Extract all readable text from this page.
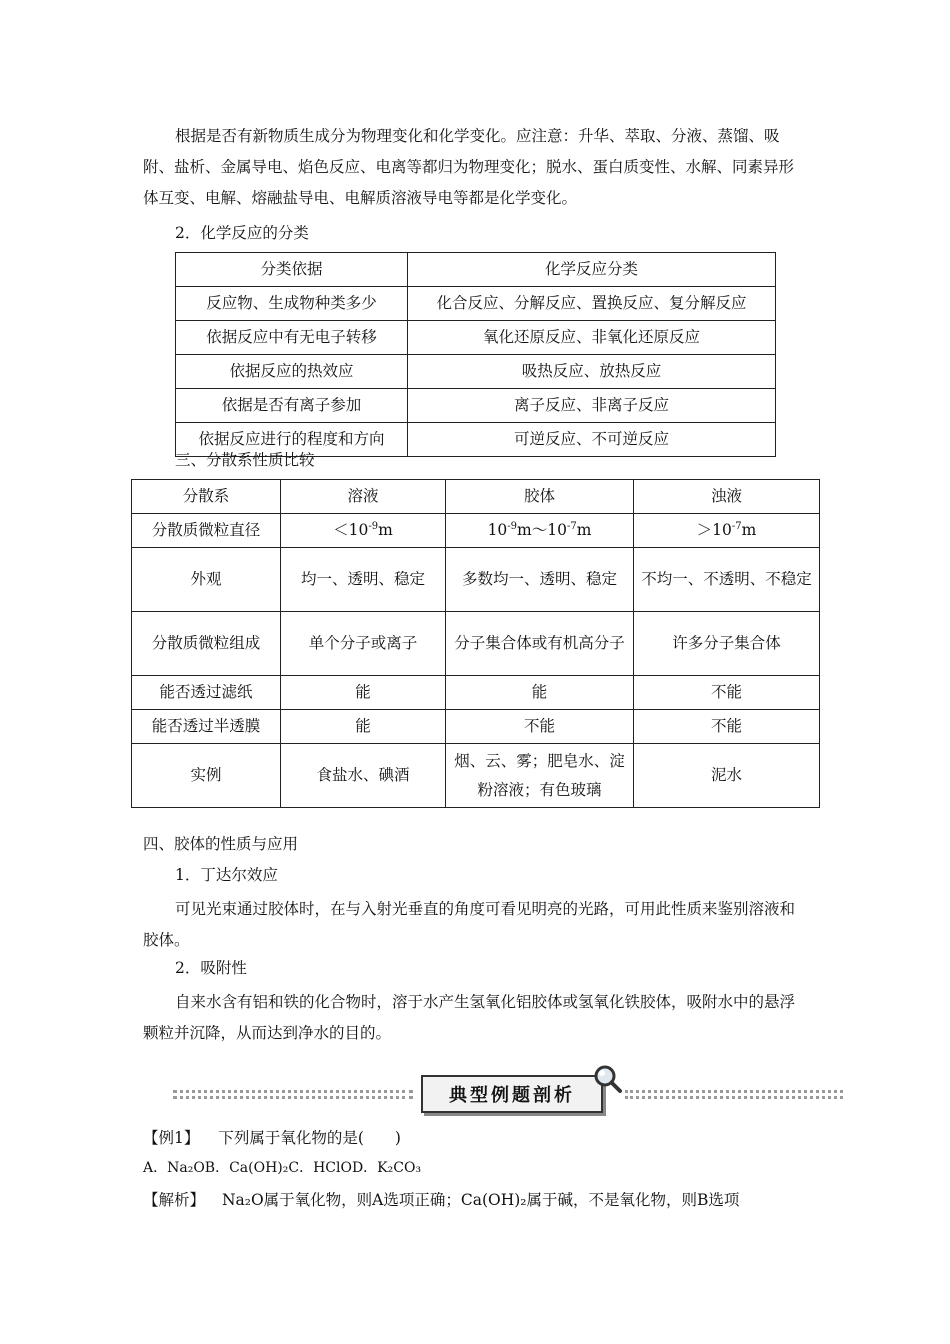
根据是否有新物质生成分为物理变化和化学变化。应注意：升华、萃取、分液、蒸馏、吸附、盐析、金属导电、焰色反应、电离等都归为物理变化；脱水、蛋白质变性、水解、同素异形体互变、电解、熔融盐导电、电解质溶液导电等都是化学变化。
2．化学反应的分类
分类依据	化学反应分类
反应物、生成物种类多少	化合反应、分解反应、置换反应、复分解反应
依据反应中有无电子转移	氧化还原反应、非氧化还原反应
依据反应的热效应	吸热反应、放热反应
依据是否有离子参加	离子反应、非离子反应
依据反应进行的程度和方向	可逆反应、不可逆反应
三、分散系性质比较
分散系	溶液	胶体	浊液
分散质微粒直径	$<10^{-9}m$	$10^{-9}m\sim 10^{-7}m$	$>10^{-7}m$
外观	均一、透明、稳定	多数均一、透明、稳定	不均一、不透明、不稳定
分散质微粒组成	单个分子或离子	分子集合体或有机高分子	许多分子集合体
能否透过滤纸	能	能	不能
能否透过半透膜	能	不能	不能
实例	食盐水、碘酒	烟、云、雾；肥皂水、淀粉溶液；有色玻璃	泥水
四、胶体的性质与应用
1．丁达尔效应
可见光束通过胶体时，在与入射光垂直的角度可看见明亮的光路，可用此性质来鉴别溶液和胶体。
2．吸附性
自来水含有铝和铁的化合物时，溶于水产生氢氧化铝胶体或氢氧化铁胶体，吸附水中的悬浮颗粒并沉降，从而达到净水的目的。
典型例题剖析
【例1】 下列属于氧化物的是(　　)
A．Na₂OB．Ca(OH)₂C．HClOD．K₂CO₃
【解析】 Na₂O属于氧化物，则A选项正确；Ca(OH)₂属于碱，不是氧化物，则B选项
